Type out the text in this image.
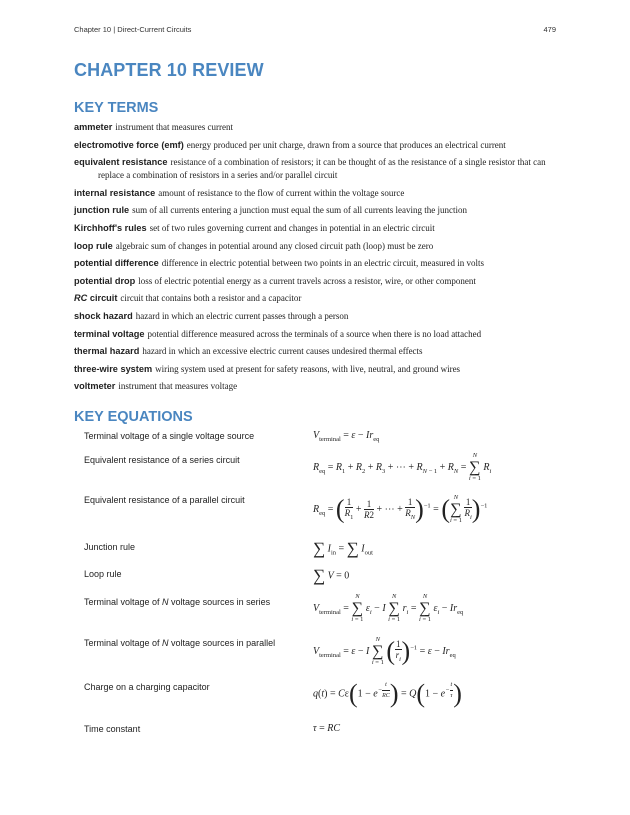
Chapter 10 | Direct-Current Circuits	479
CHAPTER 10 REVIEW
KEY TERMS
ammeter instrument that measures current
electromotive force (emf) energy produced per unit charge, drawn from a source that produces an electrical current
equivalent resistance resistance of a combination of resistors; it can be thought of as the resistance of a single resistor that can replace a combination of resistors in a series and/or parallel circuit
internal resistance amount of resistance to the flow of current within the voltage source
junction rule sum of all currents entering a junction must equal the sum of all currents leaving the junction
Kirchhoff's rules set of two rules governing current and changes in potential in an electric circuit
loop rule algebraic sum of changes in potential around any closed circuit path (loop) must be zero
potential difference difference in electric potential between two points in an electric circuit, measured in volts
potential drop loss of electric potential energy as a current travels across a resistor, wire, or other component
RC circuit circuit that contains both a resistor and a capacitor
shock hazard hazard in which an electric current passes through a person
terminal voltage potential difference measured across the terminals of a source when there is no load attached
thermal hazard hazard in which an excessive electric current causes undesired thermal effects
three-wire system wiring system used at present for safety reasons, with live, neutral, and ground wires
voltmeter instrument that measures voltage
KEY EQUATIONS
Terminal voltage of a single voltage source
Equivalent resistance of a series circuit
Equivalent resistance of a parallel circuit
Junction rule
Loop rule
Terminal voltage of N voltage sources in series
Terminal voltage of N voltage sources in parallel
Charge on a charging capacitor
Time constant
$V_{terminal} = \varepsilon - Ir_{eq}$
$R_{eq} = R_1 + R_2 + R_3$ + ⋯ + $R_{N - 1} + R_N$ =
N
∑
i = 1
$R_i$
$R_{eq}$ = ( $\frac{1}{R_1} + \frac{1}{R2}$ + ⋯ + $\frac{1}{R_N} )^{-1}$ = ( N
∑
i = 1
$\frac{1}{R_i} )^{-1}$
∑ $I_{in}$ = ∑ $I_{out}$
∑ V = 0
$V_{terminal}$ =
N
∑
i = 1
$\varepsilon_i - I$
N
∑
i = 1
$r_i$ =
N
∑
i = 1
$\varepsilon_i - Ir_{eq}$
$V_{terminal} = \varepsilon - I$
N
∑
i = 1 ( $\frac{1}{r_i} )^{-1} = \varepsilon - Ir_{eq}$
$q(t) = C\varepsilon(1 - e^{- \frac{t}{RC}}$ ) = $Q(1 - e^{- \frac{t}{\tau}}$ )
τ = RC
